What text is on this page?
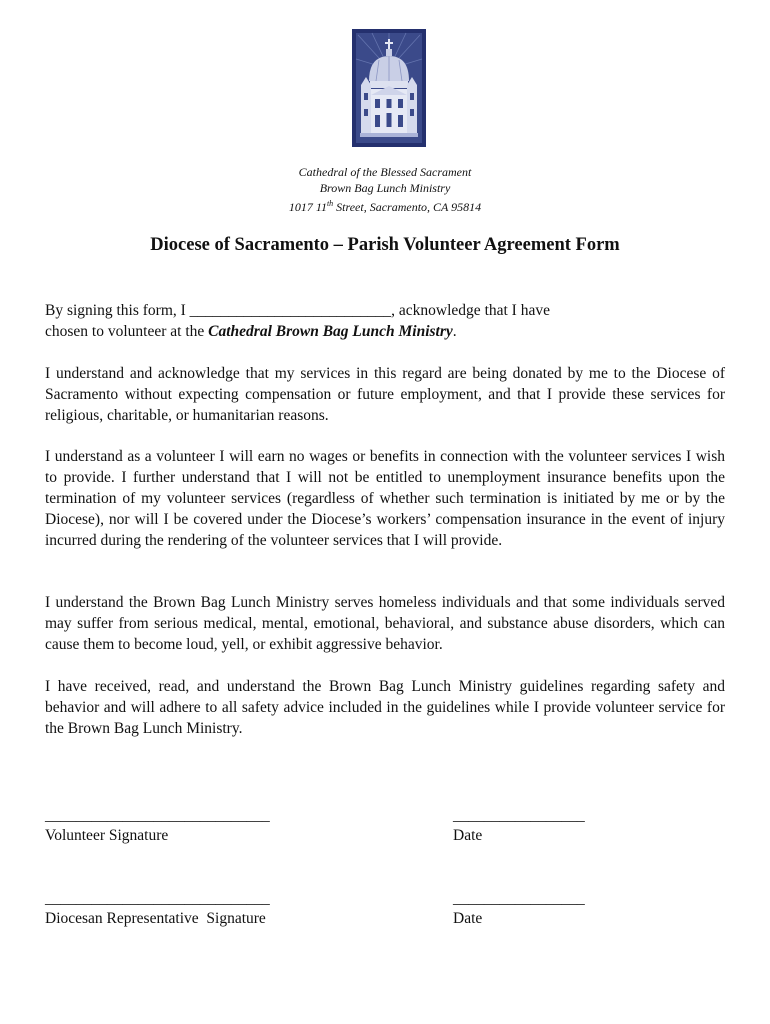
Cathedral of the Blessed Sacrament
Brown Bag Lunch Ministry
1017 11th Street, Sacramento, CA 95814
Diocese of Sacramento – Parish Volunteer Agreement Form

By signing this form, I __________________________, acknowledge that I have
chosen to volunteer at the Cathedral Brown Bag Lunch Ministry.

I understand and acknowledge that my services in this regard are being donated by me to the Diocese of Sacramento without expecting compensation or future employment, and that I provide these services for religious, charitable, or humanitarian reasons.

I understand as a volunteer I will earn no wages or benefits in connection with the volunteer services I wish to provide. I further understand that I will not be entitled to unemployment insurance benefits upon the termination of my volunteer services (regardless of whether such termination is initiated by me or by the Diocese), nor will I be covered under the Diocese’s workers’ compensation insurance in the event of injury incurred during the rendering of the volunteer services that I will provide.

I understand the Brown Bag Lunch Ministry serves homeless individuals and that some individuals served may suffer from serious medical, mental, emotional, behavioral, and substance abuse disorders, which can cause them to become loud, yell, or exhibit aggressive behavior.

I have received, read, and understand the Brown Bag Lunch Ministry guidelines regarding safety and behavior and will adhere to all safety advice included in the guidelines while I provide volunteer service for the Brown Bag Lunch Ministry.

_____________________________
Volunteer Signature
_________________
Date
_____________________________
Diocesan Representative  Signature
_________________
Date
